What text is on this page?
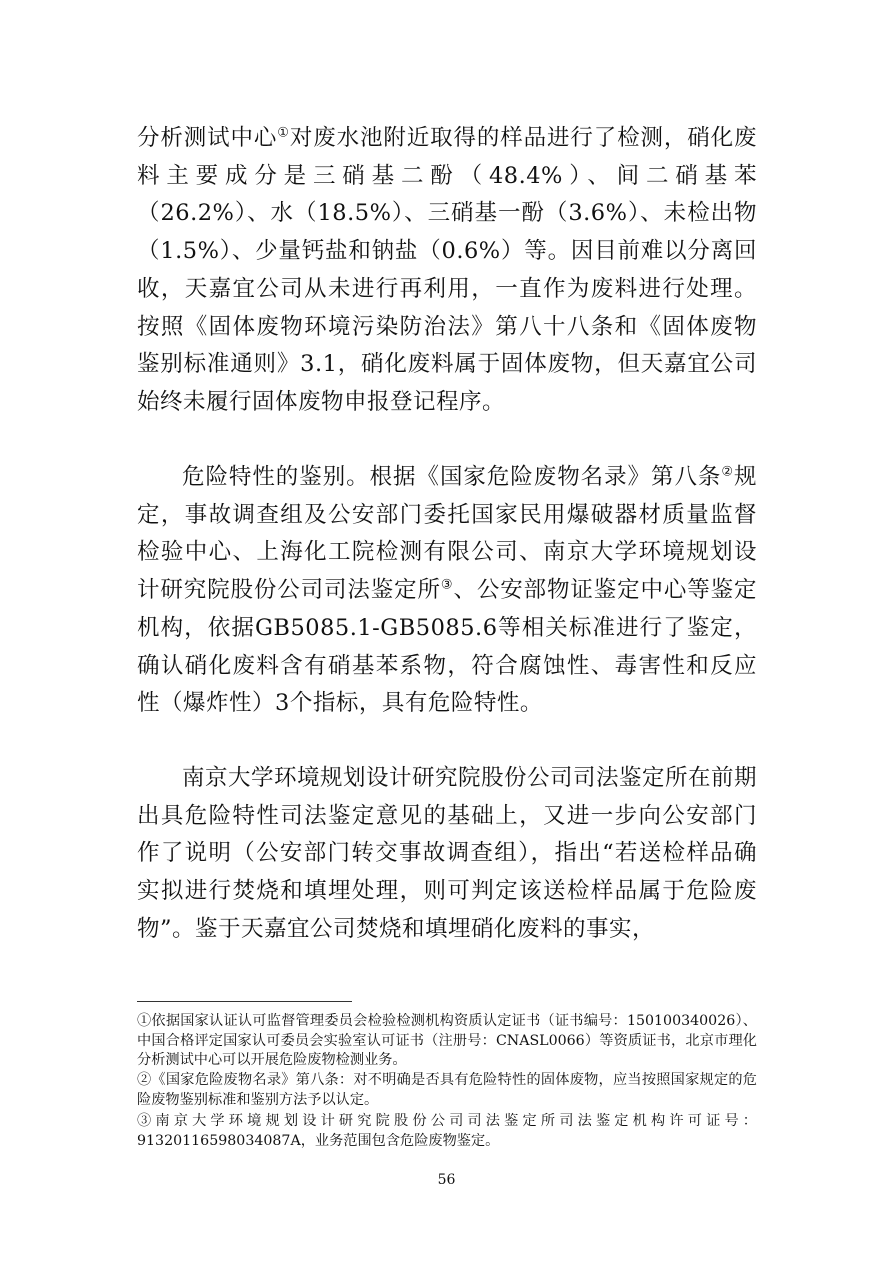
分析测试中心①对废水池附近取得的样品进行了检测，硝化废料主要成分是三硝基二酚（48.4%）、间二硝基苯（26.2%）、水（18.5%）、三硝基一酚（3.6%）、未检出物（1.5%）、少量钙盐和钠盐（0.6%）等。因目前难以分离回收，天嘉宜公司从未进行再利用，一直作为废料进行处理。按照《固体废物环境污染防治法》第八十八条和《固体废物鉴别标准通则》3.1，硝化废料属于固体废物，但天嘉宜公司始终未履行固体废物申报登记程序。

危险特性的鉴别。根据《国家危险废物名录》第八条②规定，事故调查组及公安部门委托国家民用爆破器材质量监督检验中心、上海化工院检测有限公司、南京大学环境规划设计研究院股份公司司法鉴定所③、公安部物证鉴定中心等鉴定机构，依据GB5085.1-GB5085.6等相关标准进行了鉴定，确认硝化废料含有硝基苯系物，符合腐蚀性、毒害性和反应性（爆炸性）3个指标，具有危险特性。

南京大学环境规划设计研究院股份公司司法鉴定所在前期出具危险特性司法鉴定意见的基础上，又进一步向公安部门作了说明（公安部门转交事故调查组），指出“若送检样品确实拟进行焚烧和填埋处理，则可判定该送检样品属于危险废物”。鉴于天嘉宜公司焚烧和填埋硝化废料的事实，

①依据国家认证认可监督管理委员会检验检测机构资质认定证书（证书编号：150100340026）、中国合格评定国家认可委员会实验室认可证书（注册号：CNASL0066）等资质证书，北京市理化分析测试中心可以开展危险废物检测业务。

②《国家危险废物名录》第八条：对不明确是否具有危险特性的固体废物，应当按照国家规定的危险废物鉴别标准和鉴别方法予以认定。

③南京大学环境规划设计研究院股份公司司法鉴定所司法鉴定机构许可证号：91320116598034087A，业务范围包含危险废物鉴定。

56
